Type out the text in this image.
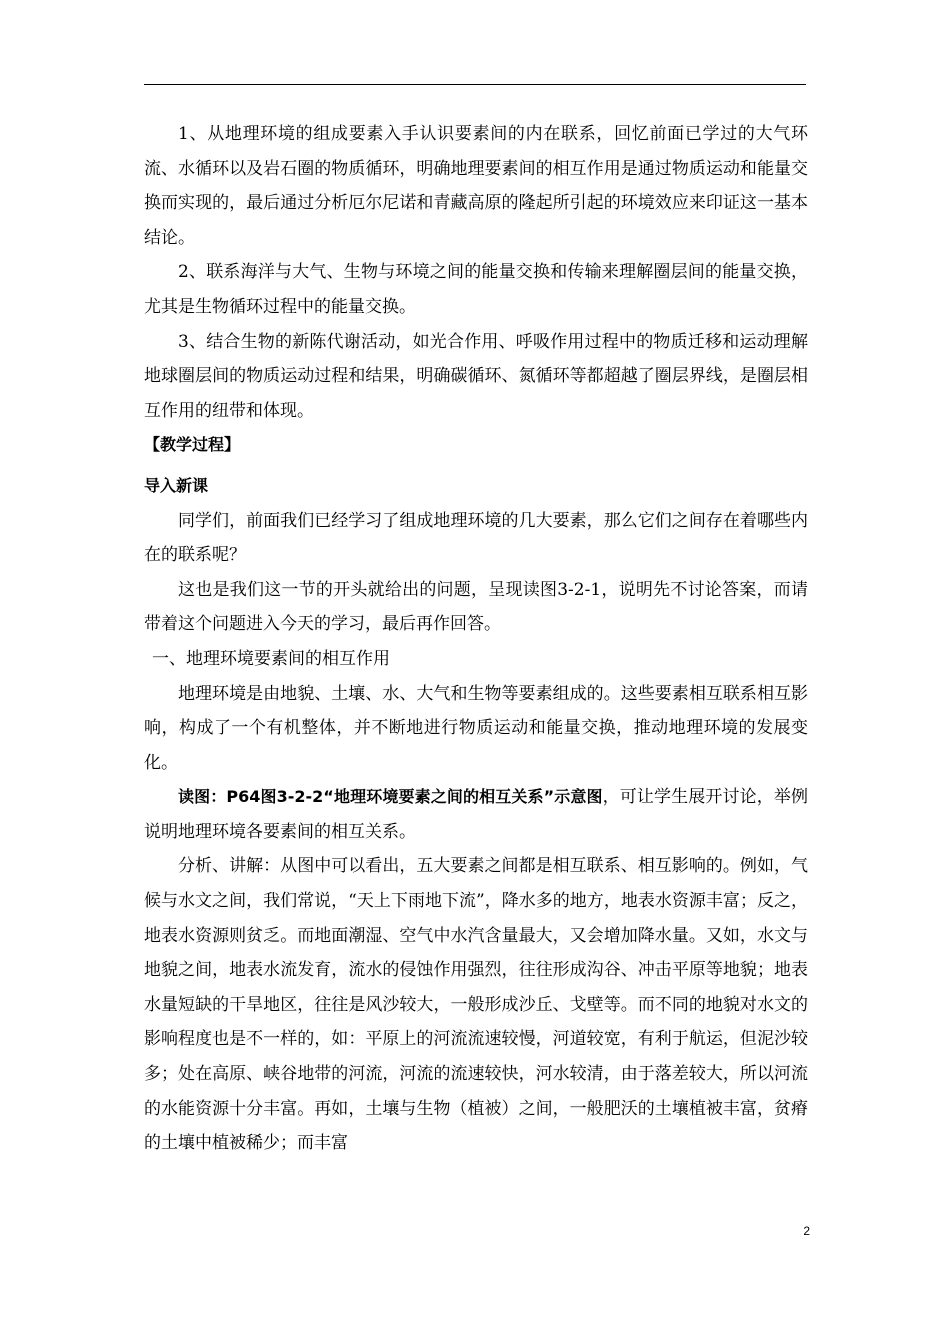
1、从地理环境的组成要素入手认识要素间的内在联系，回忆前面已学过的大气环流、水循环以及岩石圈的物质循环，明确地理要素间的相互作用是通过物质运动和能量交换而实现的，最后通过分析厄尔尼诺和青藏高原的隆起所引起的环境效应来印证这一基本结论。

2、联系海洋与大气、生物与环境之间的能量交换和传输来理解圈层间的能量交换，尤其是生物循环过程中的能量交换。

3、结合生物的新陈代谢活动，如光合作用、呼吸作用过程中的物质迁移和运动理解地球圈层间的物质运动过程和结果，明确碳循环、氮循环等都超越了圈层界线，是圈层相互作用的纽带和体现。

【教学过程】

导入新课

同学们，前面我们已经学习了组成地理环境的几大要素，那么它们之间存在着哪些内在的联系呢？

这也是我们这一节的开头就给出的问题，呈现读图3-2-1，说明先不讨论答案，而请带着这个问题进入今天的学习，最后再作回答。

一、地理环境要素间的相互作用

地理环境是由地貌、土壤、水、大气和生物等要素组成的。这些要素相互联系相互影响，构成了一个有机整体，并不断地进行物质运动和能量交换，推动地理环境的发展变化。

读图：P64图3-2-2“地理环境要素之间的相互关系”示意图，可让学生展开讨论，举例说明地理环境各要素间的相互关系。

分析、讲解：从图中可以看出，五大要素之间都是相互联系、相互影响的。例如，气候与水文之间，我们常说，“天上下雨地下流”，降水多的地方，地表水资源丰富；反之，地表水资源则贫乏。而地面潮湿、空气中水汽含量最大，又会增加降水量。又如，水文与地貌之间，地表水流发育，流水的侵蚀作用强烈，往往形成沟谷、冲击平原等地貌；地表水量短缺的干旱地区，往往是风沙较大，一般形成沙丘、戈壁等。而不同的地貌对水文的影响程度也是不一样的，如：平原上的河流流速较慢，河道较宽，有利于航运，但泥沙较多；处在高原、峡谷地带的河流，河流的流速较快，河水较清，由于落差较大，所以河流的水能资源十分丰富。再如，土壤与生物（植被）之间，一般肥沃的土壤植被丰富，贫瘠的土壤中植被稀少；而丰富

2
